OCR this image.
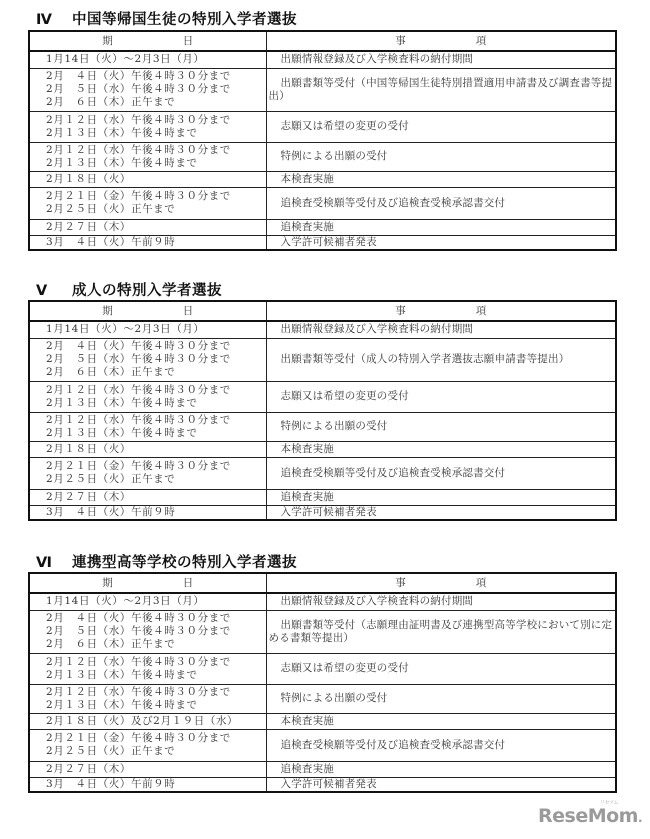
Ⅳ 中国等帰国生徒の特別入学者選抜
期 日	事 項

1月14日（火）～2月3日（月）	出願情報登録及び入学検査料の納付期間

2月　４日（火）午後４時３０分まで
2月　５日（水）午後４時３０分まで
2月　６日（木）正午まで	出願書類等受付（中国等帰国生徒特別措置適用申請書及び調査書等提出）

2月１２日（水）午後４時３０分まで
2月１３日（木）午後４時まで	志願又は希望の変更の受付

2月１２日（水）午後４時３０分まで
2月１３日（木）午後４時まで	特例による出願の受付

2月１８日（火）	本検査実施

2月２１日（金）午後４時３０分まで
2月２５日（火）正午まで	追検査受検願等受付及び追検査受検承認書交付

2月２７日（木）	追検査実施

3月　４日（火）午前９時	入学許可候補者発表
Ⅴ 成人の特別入学者選抜
期 日	事 項

1月14日（火）～2月3日（月）	出願情報登録及び入学検査料の納付期間

2月　４日（火）午後４時３０分まで
2月　５日（水）午後４時３０分まで
2月　６日（木）正午まで	出願書類等受付（成人の特別入学者選抜志願申請書等提出）

2月１２日（水）午後４時３０分まで
2月１３日（木）午後４時まで	志願又は希望の変更の受付

2月１２日（水）午後４時３０分まで
2月１３日（木）午後４時まで	特例による出願の受付

2月１８日（火）	本検査実施

2月２１日（金）午後４時３０分まで
2月２５日（火）正午まで	追検査受検願等受付及び追検査受検承認書交付

2月２７日（木）	追検査実施

3月　４日（火）午前９時	入学許可候補者発表
Ⅵ 連携型高等学校の特別入学者選抜
期 日	事 項

1月14日（火）～2月3日（月）	出願情報登録及び入学検査料の納付期間

2月　４日（火）午後４時３０分まで
2月　５日（水）午後４時３０分まで
2月　６日（木）正午まで	出願書類等受付（志願理由証明書及び連携型高等学校において別に定める書類等提出）

2月１２日（水）午後４時３０分まで
2月１３日（木）午後４時まで	志願又は希望の変更の受付

2月１２日（水）午後４時３０分まで
2月１３日（木）午後４時まで	特例による出願の受付

2月１８日（火）及び2月１９日（水）	本検査実施

2月２１日（金）午後４時３０分まで
2月２５日（火）正午まで	追検査受検願等受付及び追検査受検承認書交付

2月２７日（木）	追検査実施

3月　４日（火）午前９時	入学許可候補者発表
ReseMom.
リセマム
